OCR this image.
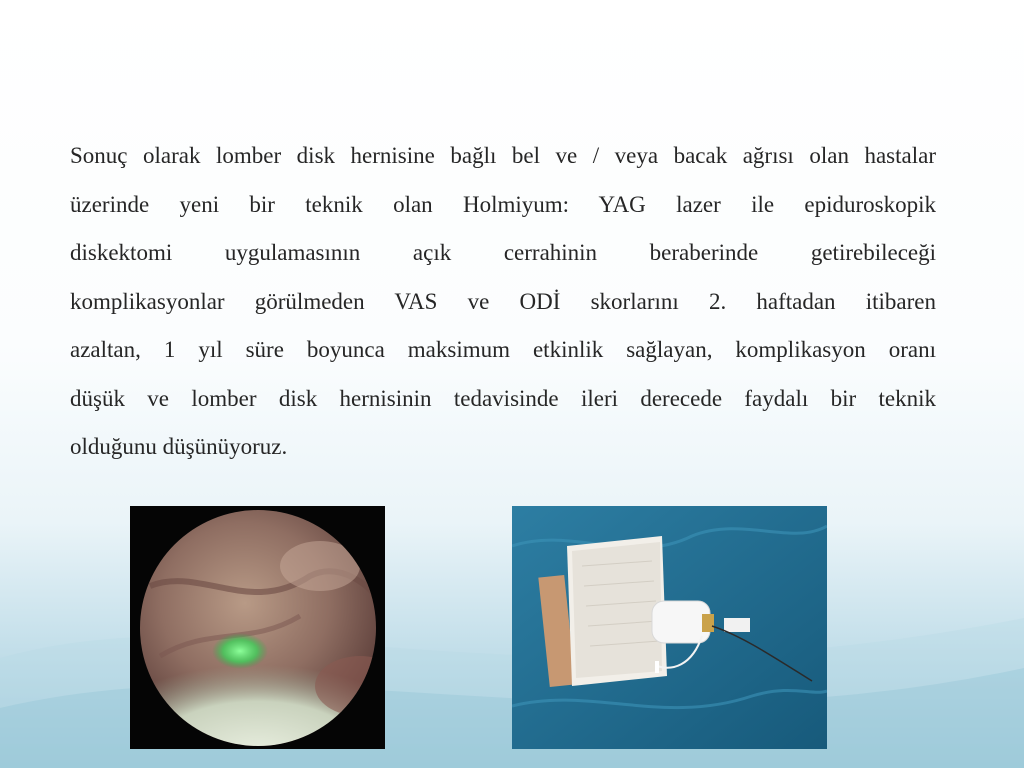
Sonuç olarak lomber disk hernisine bağlı bel ve / veya bacak ağrısı olan hastalar
üzerinde yeni bir teknik olan Holmiyum: YAG lazer ile epiduroskopik
diskektomi uygulamasının açık cerrahinin beraberinde getirebileceği
komplikasyonlar görülmeden VAS ve ODİ skorlarını 2. haftadan itibaren
azaltan, 1 yıl süre boyunca maksimum etkinlik sağlayan, komplikasyon oranı
düşük ve lomber disk hernisinin tedavisinde ileri derecede faydalı bir teknik
olduğunu düşünüyoruz.
